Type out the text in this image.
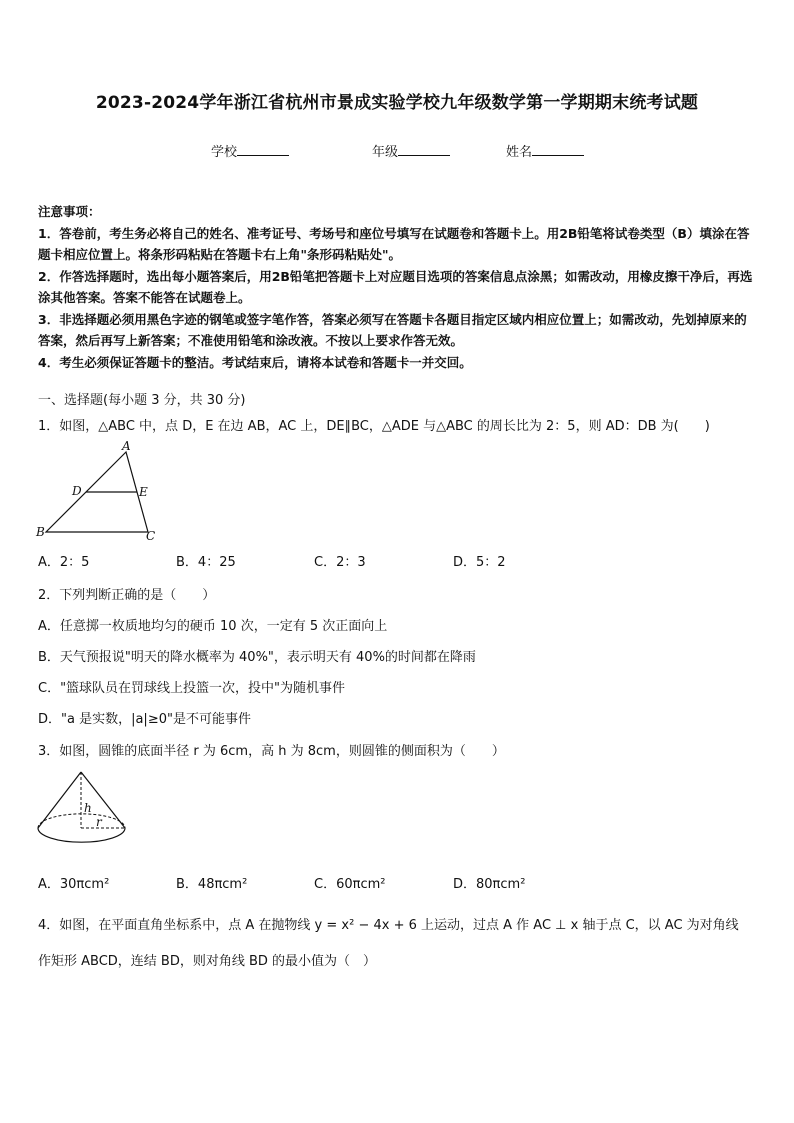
2023-2024学年浙江省杭州市景成实验学校九年级数学第一学期期末统考试题
学校	年级	姓名

注意事项：

1．答卷前，考生务必将自己的姓名、准考证号、考场号和座位号填写在试题卷和答题卡上。用2B铅笔将试卷类型（B）填涂在答题卡相应位置上。将条形码粘贴在答题卡右上角"条形码粘贴处"。

2．作答选择题时，选出每小题答案后，用2B铅笔把答题卡上对应题目选项的答案信息点涂黑；如需改动，用橡皮擦干净后，再选涂其他答案。答案不能答在试题卷上。

3．非选择题必须用黑色字迹的钢笔或签字笔作答，答案必须写在答题卡各题目指定区域内相应位置上；如需改动，先划掉原来的答案，然后再写上新答案；不准使用铅笔和涂改液。不按以上要求作答无效。

4．考生必须保证答题卡的整洁。考试结束后，请将本试卷和答题卡一并交回。

一、选择题(每小题 3 分，共 30 分)
1．如图，△ABC 中，点 D，E 在边 AB，AC 上，DE∥BC，△ADE 与△ABC 的周长比为 2：5，则 AD：DB 为(　　)
A
B	C
D	E
A．2：5	B．4：25	C．2：3	D．5：2
2．下列判断正确的是（　　）
A．任意掷一枚质地均匀的硬币 10 次，一定有 5 次正面向上
B．天气预报说"明天的降水概率为 40%"，表示明天有 40%的时间都在降雨
C．"篮球队员在罚球线上投篮一次，投中"为随机事件
D．"a 是实数，|a|≥0"是不可能事件
3．如图，圆锥的底面半径 r 为 6cm，高 h 为 8cm，则圆锥的侧面积为（　　）
h
r
A．30πcm²	B．48πcm²	C．60πcm²	D．80πcm²

4．如图，在平面直角坐标系中，点 A 在抛物线 y = x² − 4x + 6 上运动，过点 A 作 AC ⊥ x 轴于点 C，以 AC 为对角线

作矩形 ABCD，连结 BD，则对角线 BD 的最小值为（　）
